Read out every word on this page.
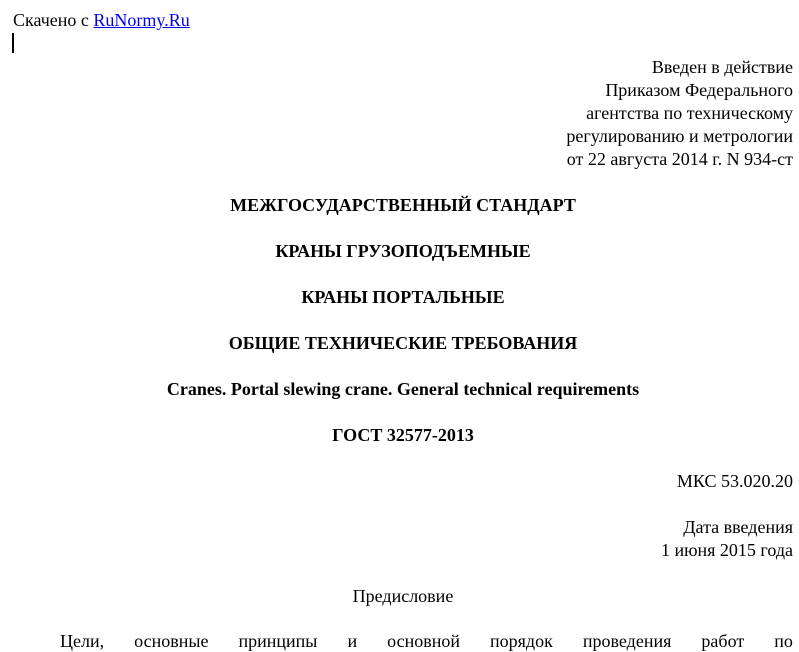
Скачено с RuNormy.Ru
Введен в действие
Приказом Федерального
агентства по техническому
регулированию и метрологии
от 22 августа 2014 г. N 934-ст
МЕЖГОСУДАРСТВЕННЫЙ СТАНДАРТ
КРАНЫ ГРУЗОПОДЪЕМНЫЕ
КРАНЫ ПОРТАЛЬНЫЕ
ОБЩИЕ ТЕХНИЧЕСКИЕ ТРЕБОВАНИЯ
Cranes. Portal slewing crane. General technical requirements
ГОСТ 32577-2013
МКС 53.020.20
Дата введения
1 июня 2015 года
Предисловие
Цели, основные принципы и основной порядок проведения работ по
